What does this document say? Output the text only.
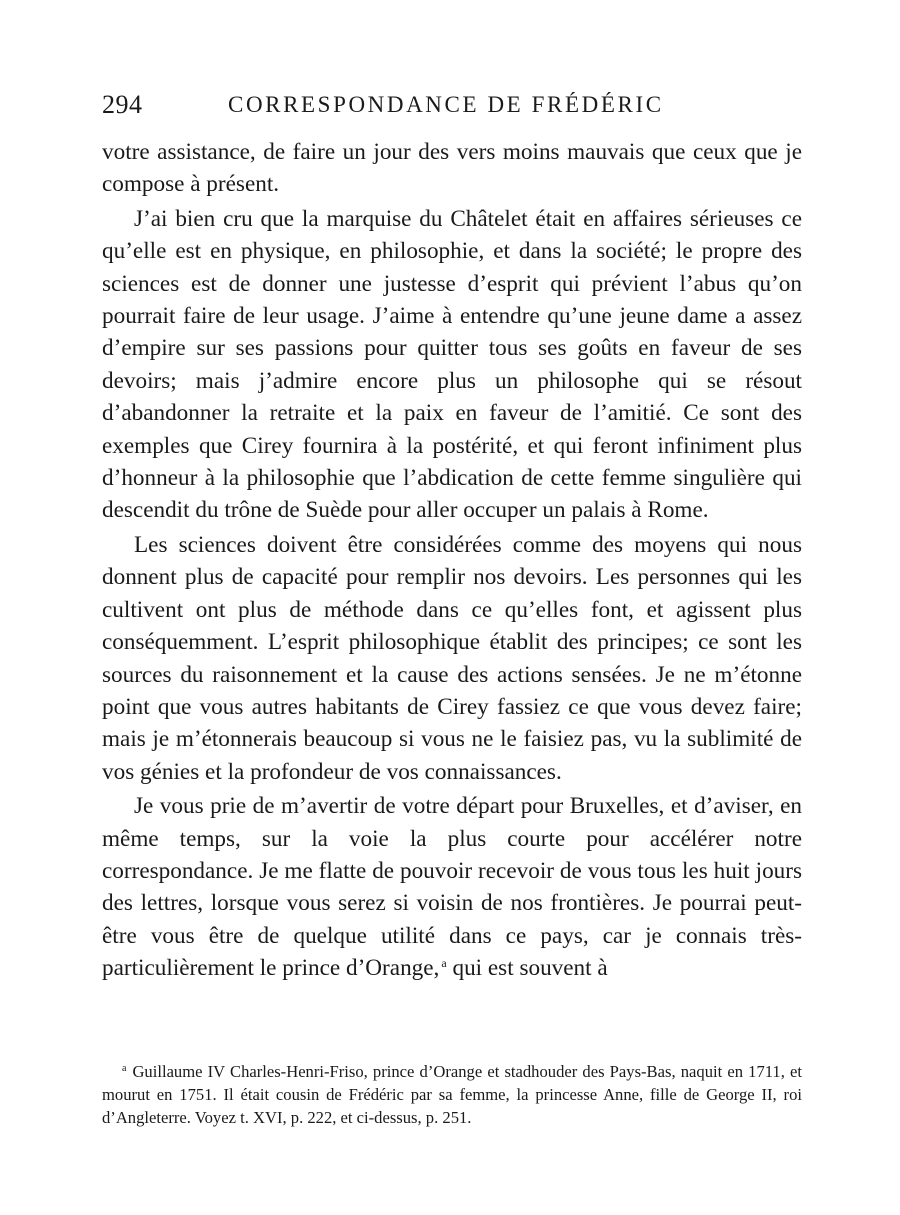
294	CORRESPONDANCE DE FRÉDÉRIC

votre assistance, de faire un jour des vers moins mauvais que ceux que je compose à présent.

J’ai bien cru que la marquise du Châtelet était en affaires sérieuses ce qu’elle est en physique, en philosophie, et dans la société; le propre des sciences est de donner une justesse d’esprit qui prévient l’abus qu’on pourrait faire de leur usage. J’aime à entendre qu’une jeune dame a assez d’empire sur ses passions pour quitter tous ses goûts en faveur de ses devoirs; mais j’admire encore plus un philosophe qui se résout d’abandonner la retraite et la paix en faveur de l’amitié. Ce sont des exemples que Cirey fournira à la postérité, et qui feront infiniment plus d’honneur à la philosophie que l’abdication de cette femme singulière qui descendit du trône de Suède pour aller occuper un palais à Rome.

Les sciences doivent être considérées comme des moyens qui nous donnent plus de capacité pour remplir nos devoirs. Les personnes qui les cultivent ont plus de méthode dans ce qu’elles font, et agissent plus conséquemment. L’esprit philosophique établit des principes; ce sont les sources du raisonnement et la cause des actions sensées. Je ne m’étonne point que vous autres habitants de Cirey fassiez ce que vous devez faire; mais je m’étonnerais beaucoup si vous ne le faisiez pas, vu la sublimité de vos génies et la profondeur de vos connaissances.

Je vous prie de m’avertir de votre départ pour Bruxelles, et d’aviser, en même temps, sur la voie la plus courte pour accélérer notre correspondance. Je me flatte de pouvoir recevoir de vous tous les huit jours des lettres, lorsque vous serez si voisin de nos frontières. Je pourrai peut-être vous être de quelque utilité dans ce pays, car je connais très-particulièrement le prince d’Orange, $^a$ qui est souvent à

$^a$ Guillaume IV Charles-Henri-Friso, prince d’Orange et stadhouder des Pays-Bas, naquit en 1711, et mourut en 1751. Il était cousin de Frédéric par sa femme, la princesse Anne, fille de George II, roi d’Angleterre. Voyez t. XVI, p. 222, et ci-dessus, p. 251.
